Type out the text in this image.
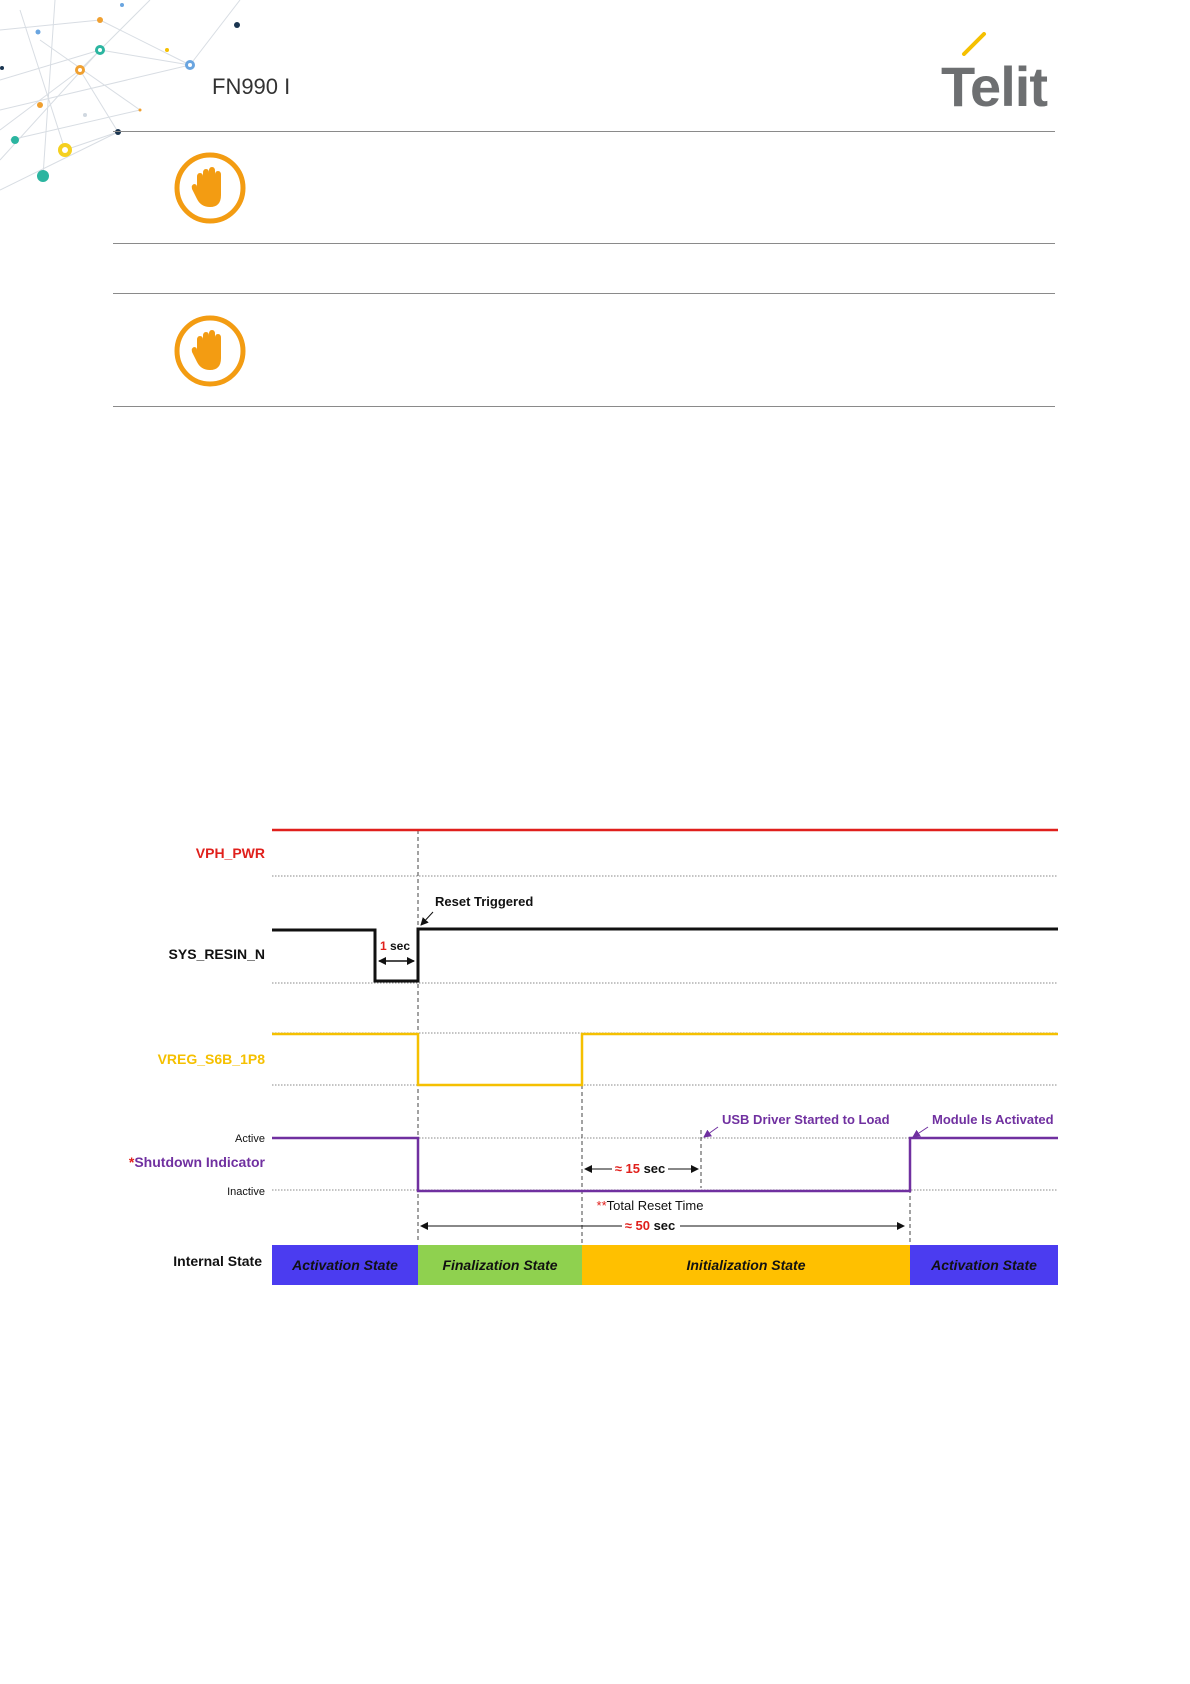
FN990 I	Telit
VPH_PWR
SYS_RESIN_N
VREG_S6B_1P8
Active
*Shutdown Indicator
Inactive
Internal State
Reset Triggered
1 sec
USB Driver Started to Load	Module Is Activated
≈ 15 sec
**Total Reset Time
≈ 50 sec
Activation State	Finalization State	Initialization State	Activation State
